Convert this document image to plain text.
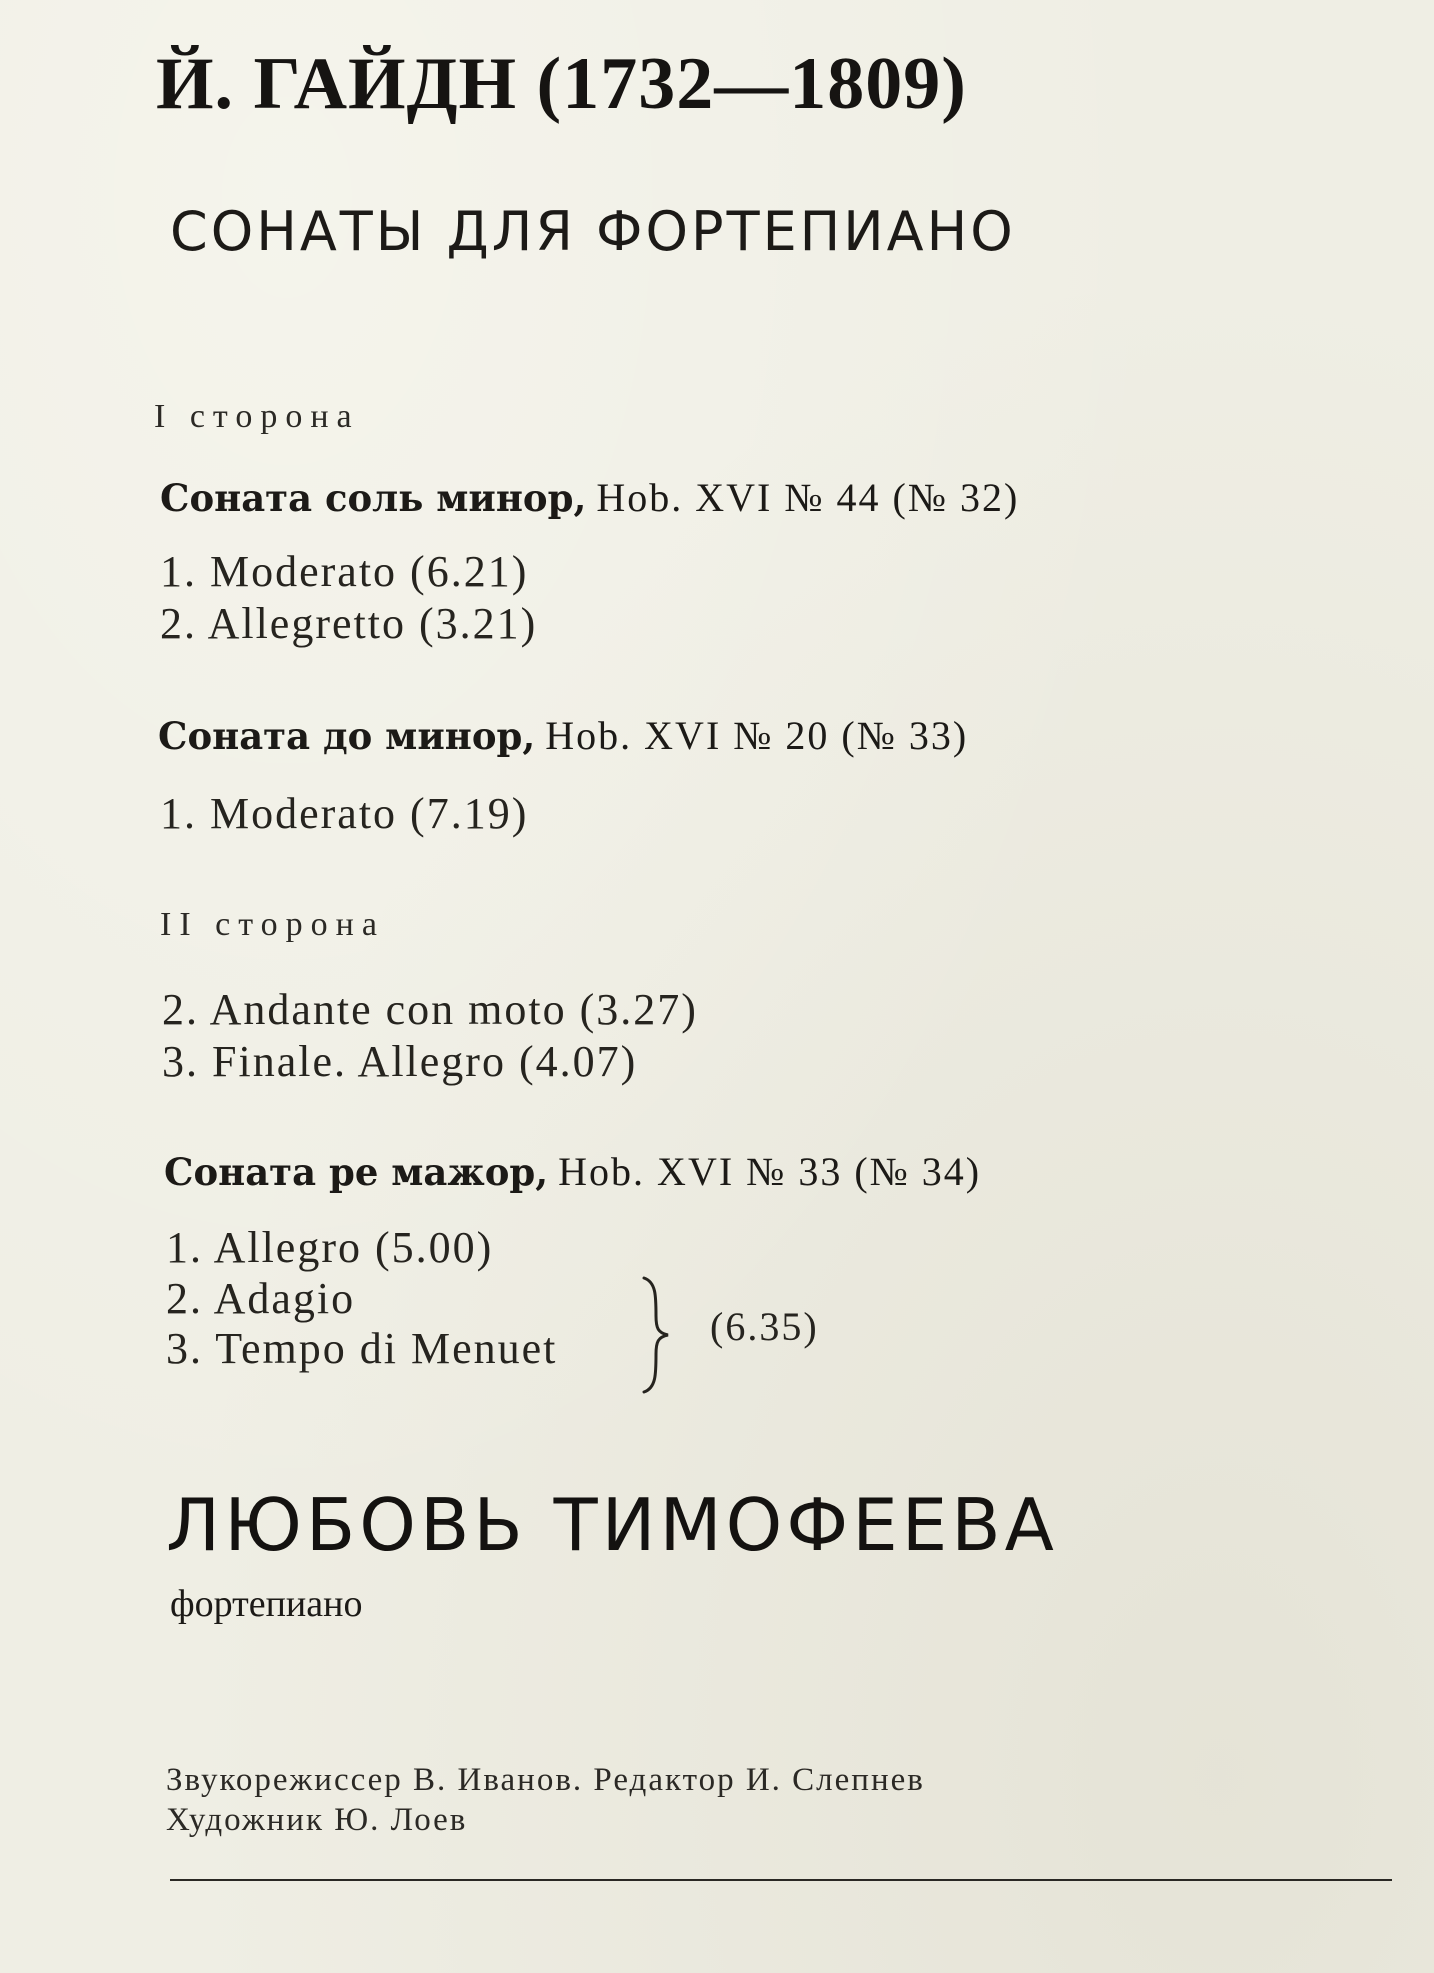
Й. ГАЙДН (1732—1809)
СОНАТЫ ДЛЯ ФОРТЕПИАНО
I сторона
Соната соль минор, Hob. XVI № 44 (№ 32)
1. Moderato (6.21)
2. Allegretto (3.21)
Соната до минор, Hob. XVI № 20 (№ 33)
1. Moderato (7.19)
II сторона
2. Andante con moto (3.27)
3. Finale. Allegro (4.07)
Соната ре мажор, Hob. XVI № 33 (№ 34)
1. Allegro (5.00)
2. Adagio
3. Tempo di Menuet	(6.35)
ЛЮБОВЬ ТИМОФЕЕВА
фортепиано
Звукорежиссер В. Иванов. Редактор И. Слепнев
Художник Ю. Лоев
